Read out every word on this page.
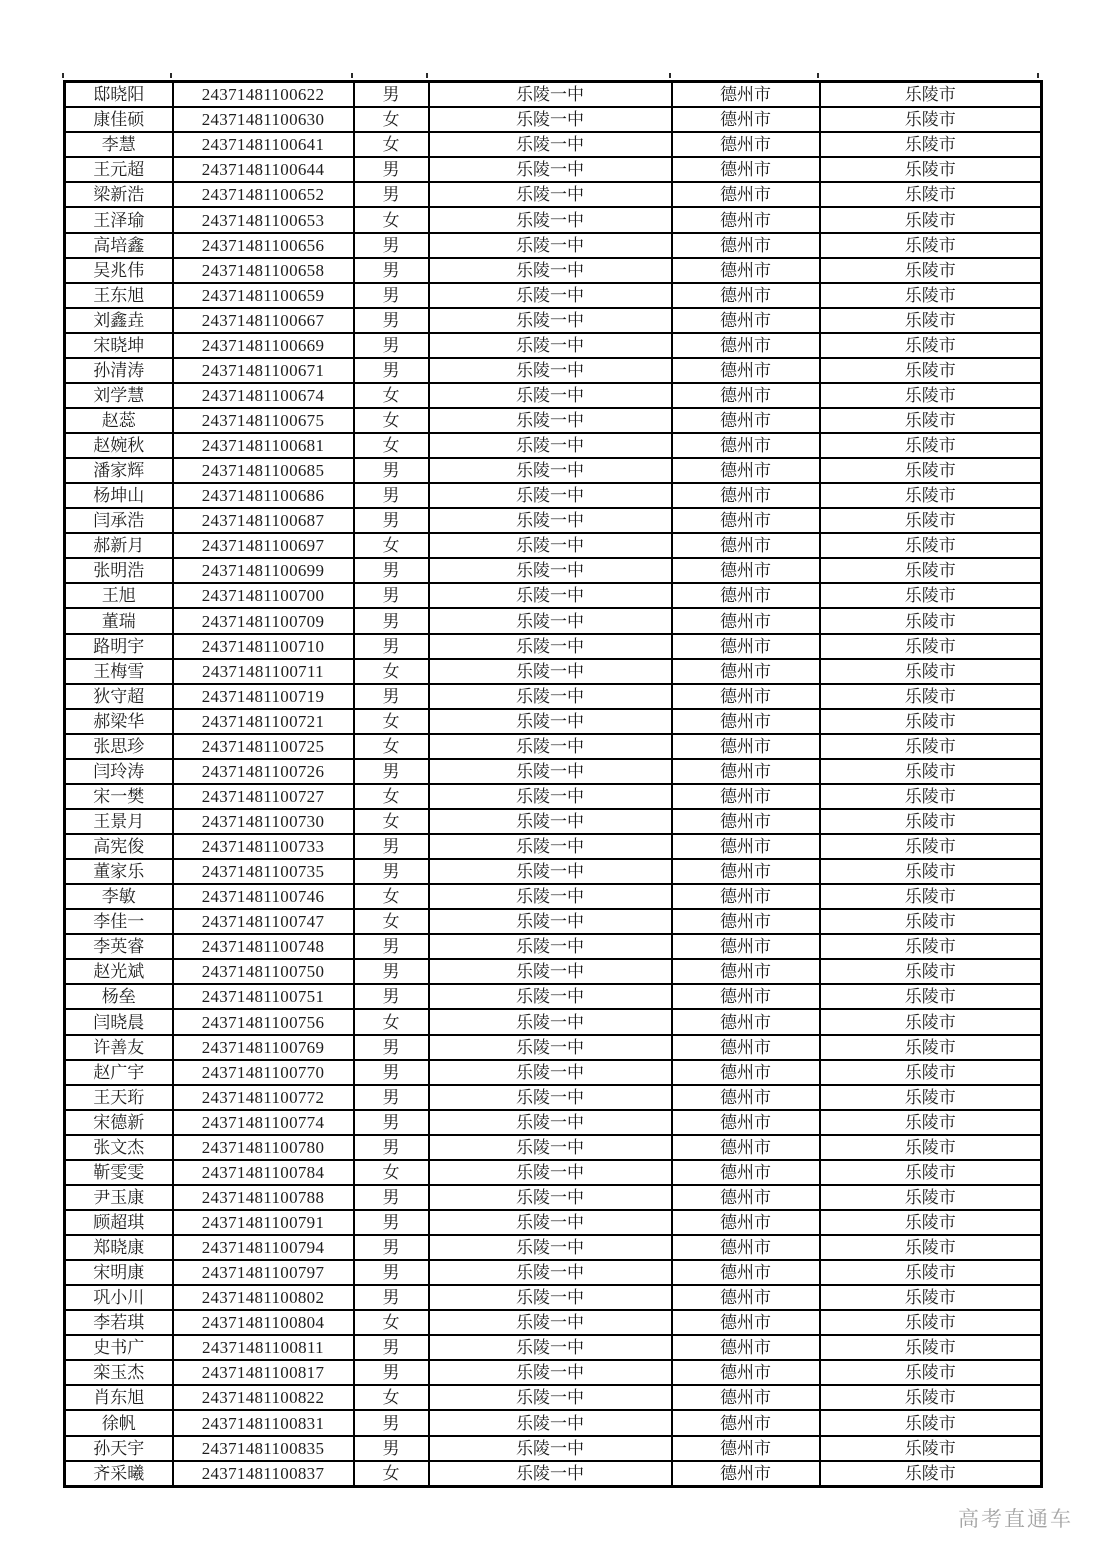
邸晓阳	24371481100622	男	乐陵一中	德州市	乐陵市
康佳硕	24371481100630	女	乐陵一中	德州市	乐陵市
李慧	24371481100641	女	乐陵一中	德州市	乐陵市
王元超	24371481100644	男	乐陵一中	德州市	乐陵市
梁新浩	24371481100652	男	乐陵一中	德州市	乐陵市
王泽瑜	24371481100653	女	乐陵一中	德州市	乐陵市
高培鑫	24371481100656	男	乐陵一中	德州市	乐陵市
吴兆伟	24371481100658	男	乐陵一中	德州市	乐陵市
王东旭	24371481100659	男	乐陵一中	德州市	乐陵市
刘鑫垚	24371481100667	男	乐陵一中	德州市	乐陵市
宋晓坤	24371481100669	男	乐陵一中	德州市	乐陵市
孙清涛	24371481100671	男	乐陵一中	德州市	乐陵市
刘学慧	24371481100674	女	乐陵一中	德州市	乐陵市
赵蕊	24371481100675	女	乐陵一中	德州市	乐陵市
赵婉秋	24371481100681	女	乐陵一中	德州市	乐陵市
潘家辉	24371481100685	男	乐陵一中	德州市	乐陵市
杨坤山	24371481100686	男	乐陵一中	德州市	乐陵市
闫承浩	24371481100687	男	乐陵一中	德州市	乐陵市
郝新月	24371481100697	女	乐陵一中	德州市	乐陵市
张明浩	24371481100699	男	乐陵一中	德州市	乐陵市
王旭	24371481100700	男	乐陵一中	德州市	乐陵市
董瑞	24371481100709	男	乐陵一中	德州市	乐陵市
路明宇	24371481100710	男	乐陵一中	德州市	乐陵市
王梅雪	24371481100711	女	乐陵一中	德州市	乐陵市
狄守超	24371481100719	男	乐陵一中	德州市	乐陵市
郝梁华	24371481100721	女	乐陵一中	德州市	乐陵市
张思珍	24371481100725	女	乐陵一中	德州市	乐陵市
闫玲涛	24371481100726	男	乐陵一中	德州市	乐陵市
宋一樊	24371481100727	女	乐陵一中	德州市	乐陵市
王景月	24371481100730	女	乐陵一中	德州市	乐陵市
高宪俊	24371481100733	男	乐陵一中	德州市	乐陵市
董家乐	24371481100735	男	乐陵一中	德州市	乐陵市
李敏	24371481100746	女	乐陵一中	德州市	乐陵市
李佳一	24371481100747	女	乐陵一中	德州市	乐陵市
李英睿	24371481100748	男	乐陵一中	德州市	乐陵市
赵光斌	24371481100750	男	乐陵一中	德州市	乐陵市
杨垒	24371481100751	男	乐陵一中	德州市	乐陵市
闫晓晨	24371481100756	女	乐陵一中	德州市	乐陵市
许善友	24371481100769	男	乐陵一中	德州市	乐陵市
赵广宇	24371481100770	男	乐陵一中	德州市	乐陵市
王天珩	24371481100772	男	乐陵一中	德州市	乐陵市
宋德新	24371481100774	男	乐陵一中	德州市	乐陵市
张文杰	24371481100780	男	乐陵一中	德州市	乐陵市
靳雯雯	24371481100784	女	乐陵一中	德州市	乐陵市
尹玉康	24371481100788	男	乐陵一中	德州市	乐陵市
顾超琪	24371481100791	男	乐陵一中	德州市	乐陵市
郑晓康	24371481100794	男	乐陵一中	德州市	乐陵市
宋明康	24371481100797	男	乐陵一中	德州市	乐陵市
巩小川	24371481100802	男	乐陵一中	德州市	乐陵市
李若琪	24371481100804	女	乐陵一中	德州市	乐陵市
史书广	24371481100811	男	乐陵一中	德州市	乐陵市
栾玉杰	24371481100817	男	乐陵一中	德州市	乐陵市
肖东旭	24371481100822	女	乐陵一中	德州市	乐陵市
徐帆	24371481100831	男	乐陵一中	德州市	乐陵市
孙天宇	24371481100835	男	乐陵一中	德州市	乐陵市
齐采曦	24371481100837	女	乐陵一中	德州市	乐陵市
高考直通车
